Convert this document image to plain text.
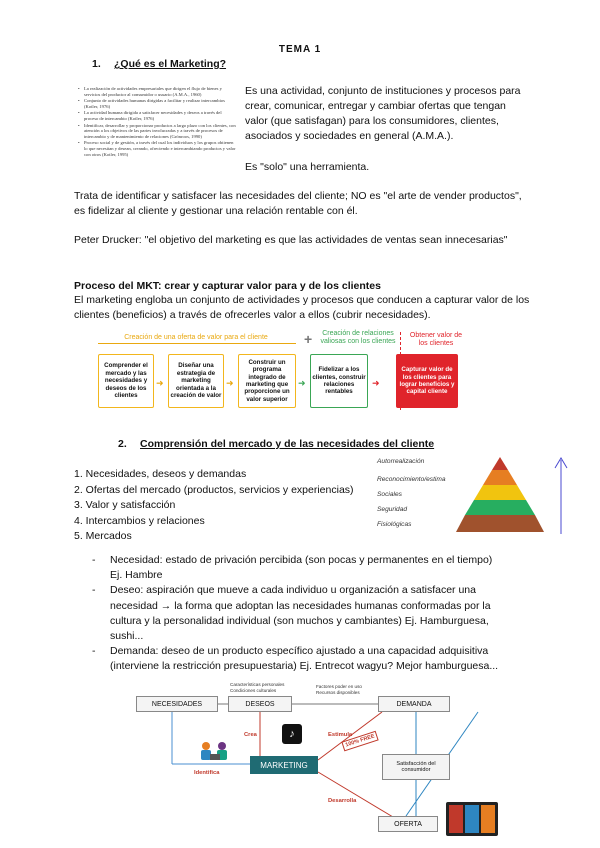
TEMA 1
1. ¿Qué es el Marketing?
• La realización de actividades empresariales que dirigen el flujo de bienes y servicios del productor al consumidor o usuario (A.M.A., 1960)
• Conjunto de actividades humanas dirigidas a facilitar y realizar intercambios (Kotler, 1976)
• La actividad humana dirigida a satisfacer necesidades y deseos a través del proceso de intercambio (Kotler, 1976)
• Identificar, desarrollar y proporcionar productos a largo plazo con los clientes, con atención a los objetivos de las partes involucradas y a través de procesos de intercambio y de mantenimiento de relaciones (Grönroos, 1990)
• Proceso social y de gestión, a través del cual los individuos y los grupos obtienen lo que necesitan y desean, creando, ofreciendo e intercambiando productos y valor con otros (Kotler, 1995)
Es una actividad, conjunto de instituciones y procesos para crear, comunicar, entregar y cambiar ofertas que tengan valor (que satisfagan) para los consumidores, clientes, asociados y sociedades en general (A.M.A.).
Es "solo" una herramienta.
Trata de identificar y satisfacer las necesidades del cliente; NO es "el arte de vender productos", es fidelizar al cliente y gestionar una relación rentable con él.
Peter Drucker: "el objetivo del marketing es que las actividades de ventas sean innecesarias"
Proceso del MKT: crear y capturar valor para y de los clientes
El marketing engloba un conjunto de actividades y procesos que conducen a capturar valor de los clientes (beneficios) a través de ofrecerles valor a ellos (cubrir necesidades).
Creación de una oferta de valor para el cliente	+	Creación de relaciones valiosas con los clientes
Obtener valor de los clientes
Comprender el mercado y las necesidades y deseos de los clientes
➜
Diseñar una estrategia de marketing orientada a la creación de valor
➜
Construir un programa integrado de marketing que proporcione un valor superior
➜
Fidelizar a los clientes, construir relaciones rentables
➜
Capturar valor de los clientes para lograr beneficios y capital cliente
2. Comprensión del mercado y de las necesidades del cliente
1. Necesidades, deseos y demandas
2. Ofertas del mercado (productos, servicios y experiencias)
3. Valor y satisfacción
4. Intercambios y relaciones
5. Mercados
Autorrealización
Reconocimiento/estima
Sociales
Seguridad
Fisiológicas
- Necesidad: estado de privación percibida (son pocas y permanentes en el tiempo)
Ej. Hambre
- Deseo: aspiración que mueve a cada individuo u organización a satisfacer una
necesidad → la forma que adoptan las necesidades humanas conformadas por la
cultura y la personalidad individual (son muchos y cambiantes) Ej. Hamburguesa,
sushi...
- Demanda: deseo de un producto específico ajustado a una capacidad adquisitiva
(interviene la restricción presupuestaria) Ej. Entrecot wagyu? Mejor hamburguesa...
NECESIDADES	DESEOS	DEMANDA
MARKETING	Satisfacción del consumidor
OFERTA
Características personales
Condiciones culturales
Factores poder en uso
Recursos disponibles
Crea	Estimula
Identifica
Desarrolla
♪	100% FREE
